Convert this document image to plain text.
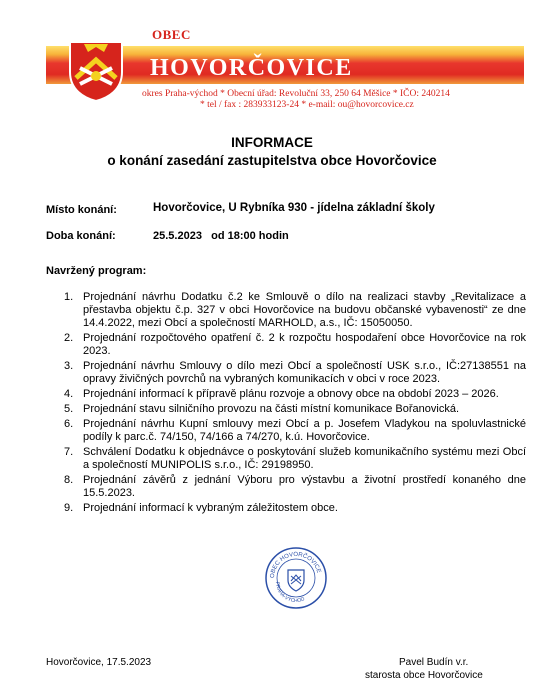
OBEC
HOVORČOVICE
okres Praha-východ * Obecní úřad: Revoluční 33, 250 64 Měšice * IČO: 240214
* tel / fax : 283933123-24 * e-mail: ou@hovorcovice.cz
INFORMACE
o konání zasedání zastupitelstva obce Hovorčovice
Místo konání:	Hovorčovice, U Rybníka 930 - jídelna základní školy
Doba konání:	25.5.2023   od 18:00 hodin
Navržený program:
1. Projednání návrhu Dodatku č.2 ke Smlouvě o dílo na realizaci stavby „Revitalizace a přestavba objektu č.p. 327 v obci Hovorčovice na budovu občanské vybavenosti“ ze dne 14.4.2022, mezi Obcí a společností MARHOLD, a.s., IČ: 15050050.
2. Projednání rozpočtového opatření č. 2 k rozpočtu hospodaření obce Hovorčovice na rok 2023.
3. Projednání návrhu Smlouvy o dílo mezi Obcí a společností USK s.r.o., IČ:27138551 na opravy živičných povrchů na vybraných komunikacích v obci v roce 2023.
4. Projednání informací k přípravě plánu rozvoje a obnovy obce na období 2023 – 2026.
5. Projednání stavu silničního provozu na části místní komunikace Bořanovická.
6. Projednání návrhu Kupní smlouvy mezi Obcí a p. Josefem Vladykou na spoluvlastnické podíly k parc.č. 74/150, 74/166 a 74/270, k.ú. Hovorčovice.
7. Schválení Dodatku k objednávce o poskytování služeb komunikačního systému mezi Obcí a společností MUNIPOLIS s.r.o., IČ: 29198950.
8. Projednání závěrů z jednání Výboru pro výstavbu a životní prostředí konaného dne 15.5.2023.
9. Projednání informací k vybraným záležitostem obce.
OBEC HOVORČOVICE
PRAHA-VÝCHOD
Hovorčovice, 17.5.2023	Pavel Budín v.r.
starosta obce Hovorčovice
